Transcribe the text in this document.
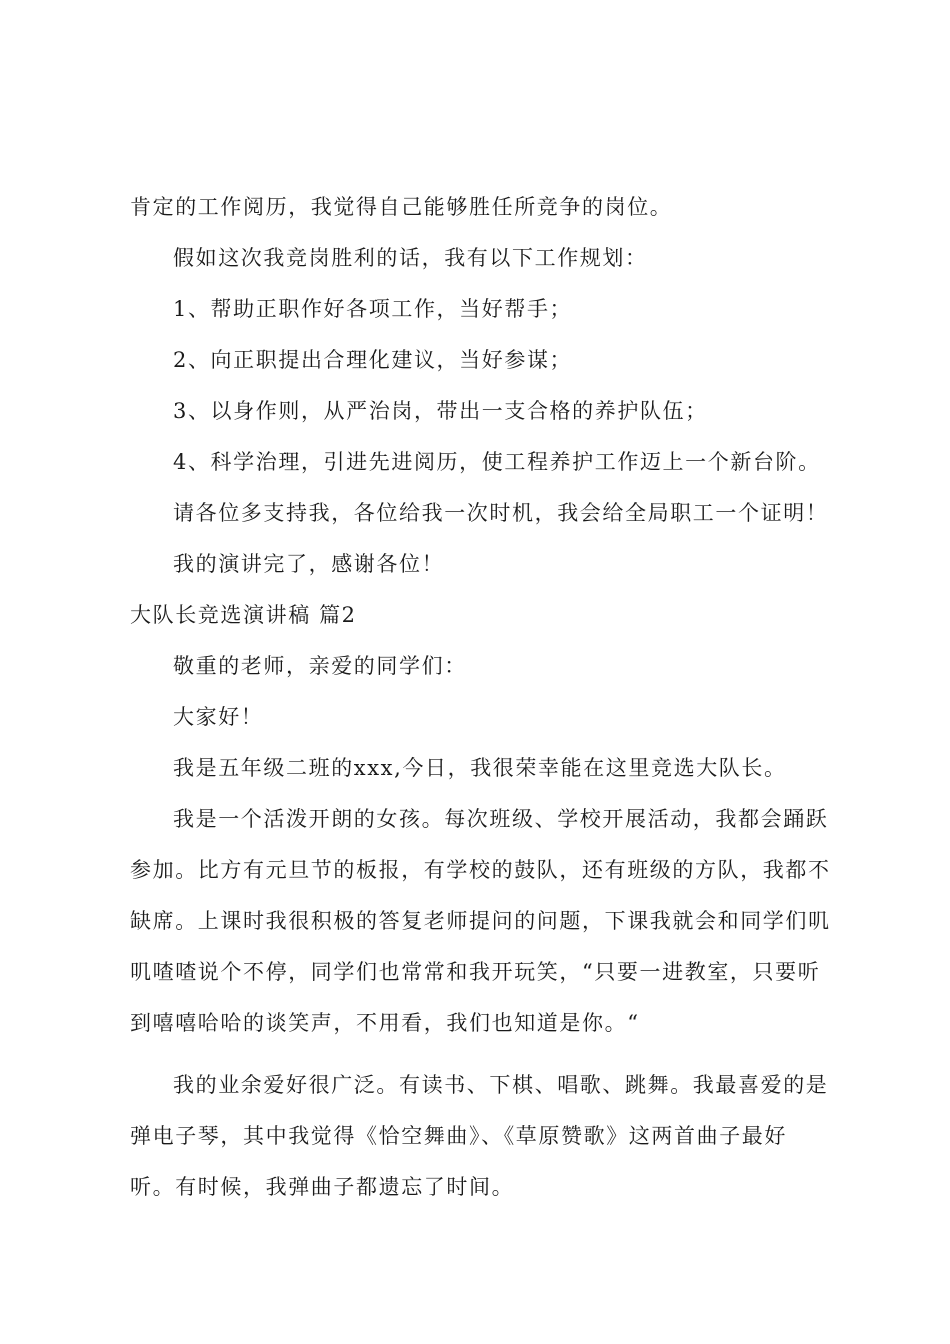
肯定的工作阅历，我觉得自己能够胜任所竞争的岗位。
假如这次我竞岗胜利的话，我有以下工作规划：
1、帮助正职作好各项工作，当好帮手；
2、向正职提出合理化建议，当好参谋；
3、以身作则，从严治岗，带出一支合格的养护队伍；
4、科学治理，引进先进阅历，使工程养护工作迈上一个新台阶。
请各位多支持我，各位给我一次时机，我会给全局职工一个证明！
我的演讲完了，感谢各位！
大队长竞选演讲稿 篇2
敬重的老师，亲爱的同学们：
大家好！
我是五年级二班的xxx,今日，我很荣幸能在这里竞选大队长。
我是一个活泼开朗的女孩。每次班级、学校开展活动，我都会踊跃
参加。比方有元旦节的板报，有学校的鼓队，还有班级的方队，我都不
缺席。上课时我很积极的答复老师提问的问题，下课我就会和同学们叽
叽喳喳说个不停，同学们也常常和我开玩笑，“只要一进教室，只要听
到嘻嘻哈哈的谈笑声，不用看，我们也知道是你。“
我的业余爱好很广泛。有读书、下棋、唱歌、跳舞。我最喜爱的是
弹电子琴，其中我觉得《恰空舞曲》、《草原赞歌》这两首曲子最好
听。有时候，我弹曲子都遗忘了时间。
